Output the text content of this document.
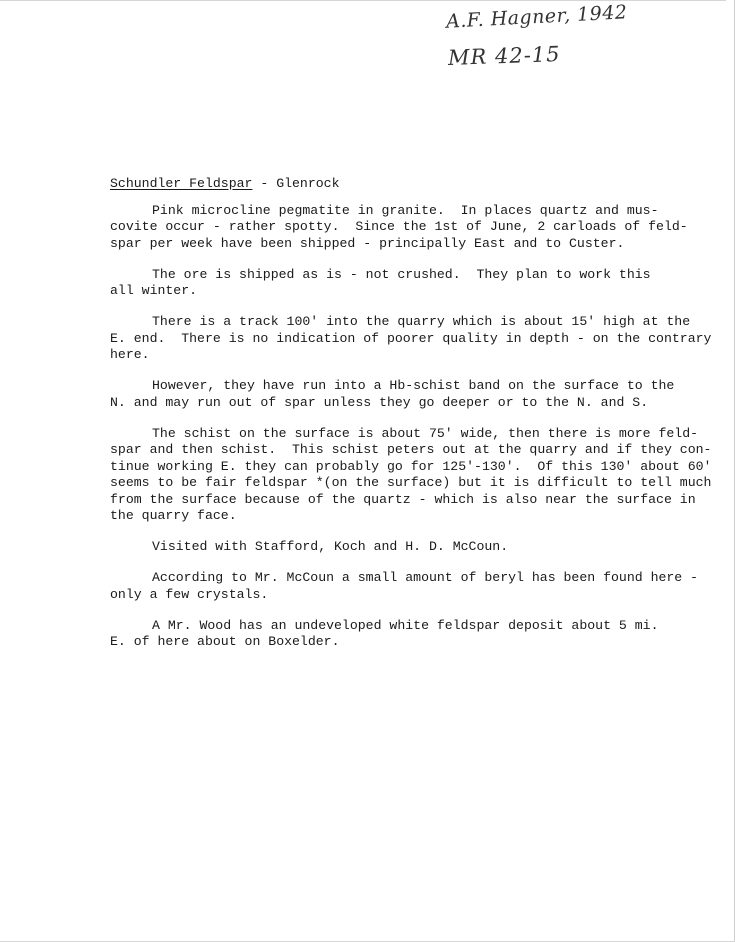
A.F. Hagner, 1942
MR 42-15
Schundler Feldspar - Glenrock
Pink microcline pegmatite in granite.  In places quartz and mus-
covite occur - rather spotty.  Since the 1st of June, 2 carloads of feld-
spar per week have been shipped - principally East and to Custer.
The ore is shipped as is - not crushed.  They plan to work this
all winter.
There is a track 100' into the quarry which is about 15' high at the
E. end.  There is no indication of poorer quality in depth - on the contrary
here.
However, they have run into a Hb-schist band on the surface to the
N. and may run out of spar unless they go deeper or to the N. and S.
The schist on the surface is about 75' wide, then there is more feld-
spar and then schist.  This schist peters out at the quarry and if they con-
tinue working E. they can probably go for 125'-130'.  Of this 130' about 60'
seems to be fair feldspar *(on the surface) but it is difficult to tell much
from the surface because of the quartz - which is also near the surface in
the quarry face.
Visited with Stafford, Koch and H. D. McCoun.
According to Mr. McCoun a small amount of beryl has been found here -
only a few crystals.
A Mr. Wood has an undeveloped white feldspar deposit about 5 mi.
E. of here about on Boxelder.
